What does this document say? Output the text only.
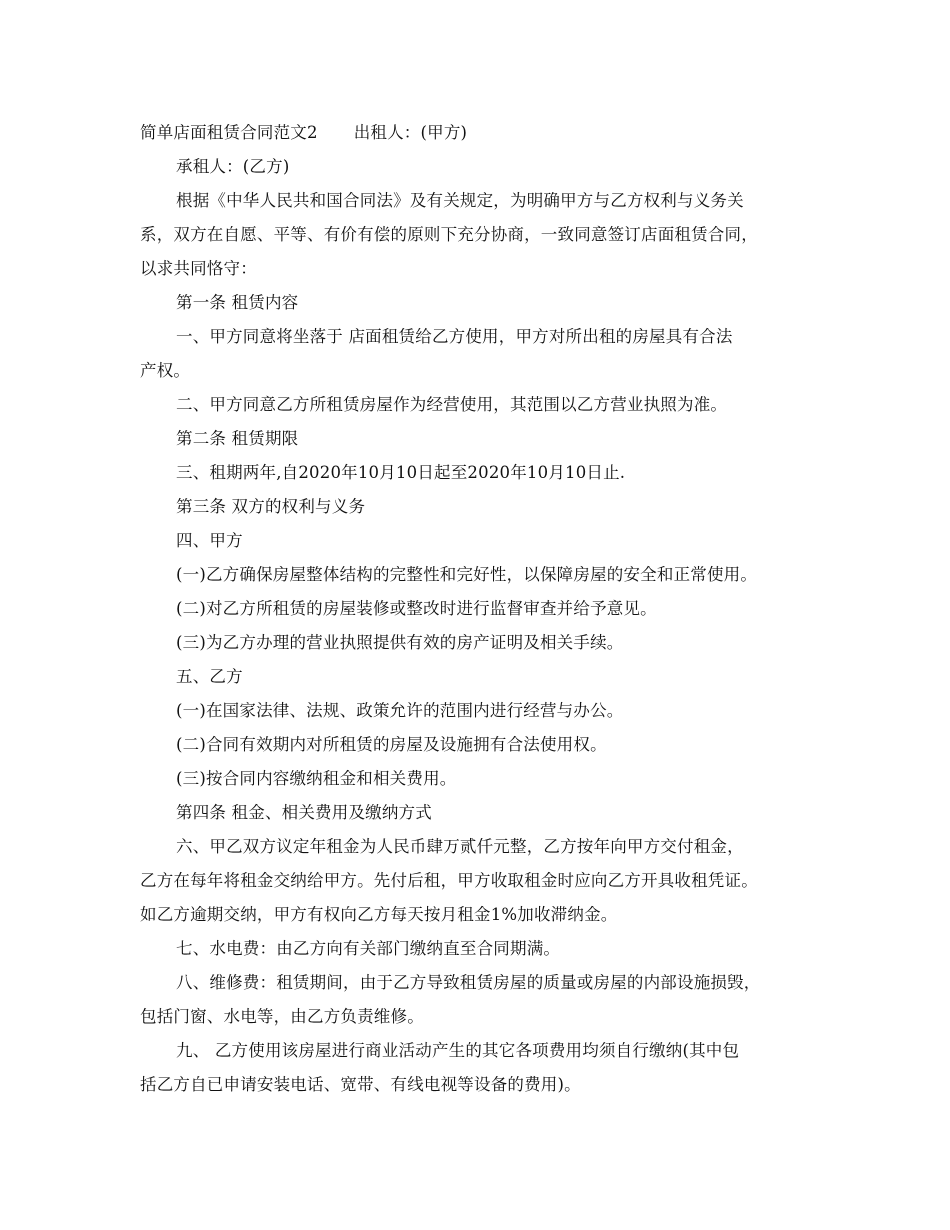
简单店面租赁合同范文2 出租人：(甲方)
承租人：(乙方)
根据《中华人民共和国合同法》及有关规定，为明确甲方与乙方权利与义务关
系，双方在自愿、平等、有价有偿的原则下充分协商，一致同意签订店面租赁合同，
以求共同恪守：
第一条 租赁内容
一、甲方同意将坐落于 店面租赁给乙方使用，甲方对所出租的房屋具有合法
产权。
二、甲方同意乙方所租赁房屋作为经营使用，其范围以乙方营业执照为准。
第二条 租赁期限
三、租期两年,自2020年10月10日起至2020年10月10日止.
第三条 双方的权利与义务
四、甲方
(一)乙方确保房屋整体结构的完整性和完好性，以保障房屋的安全和正常使用。
(二)对乙方所租赁的房屋装修或整改时进行监督审查并给予意见。
(三)为乙方办理的营业执照提供有效的房产证明及相关手续。
五、乙方
(一)在国家法律、法规、政策允许的范围内进行经营与办公。
(二)合同有效期内对所租赁的房屋及设施拥有合法使用权。
(三)按合同内容缴纳租金和相关费用。
第四条 租金、相关费用及缴纳方式
六、甲乙双方议定年租金为人民币肆万贰仟元整，乙方按年向甲方交付租金，
乙方在每年将租金交纳给甲方。先付后租，甲方收取租金时应向乙方开具收租凭证。
如乙方逾期交纳，甲方有权向乙方每天按月租金1%加收滞纳金。
七、水电费：由乙方向有关部门缴纳直至合同期满。
八、维修费：租赁期间，由于乙方导致租赁房屋的质量或房屋的内部设施损毁，
包括门窗、水电等，由乙方负责维修。
九、 乙方使用该房屋进行商业活动产生的其它各项费用均须自行缴纳(其中包
括乙方自已申请安装电话、宽带、有线电视等设备的费用)。
